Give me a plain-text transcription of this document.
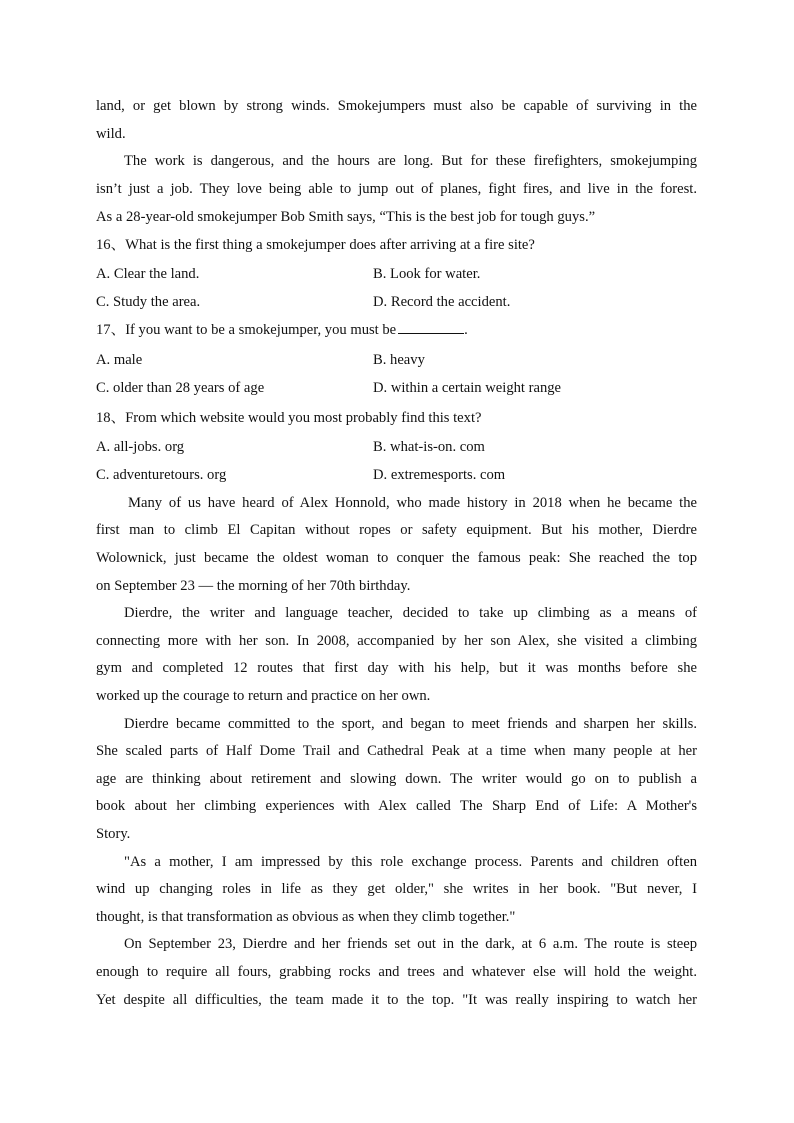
land, or get blown by strong winds. Smokejumpers must also be capable of surviving in the
wild.
The work is dangerous, and the hours are long. But for these firefighters, smokejumping
isn’t just a job. They love being able to jump out of planes, fight fires, and live in the forest.
As a 28-year-old smokejumper Bob Smith says, “This is the best job for tough guys.”
16、What is the first thing a smokejumper does after arriving at a fire site?
A. Clear the land.	B. Look for water.
C. Study the area.	D. Record the accident.
17、If you want to be a smokejumper, you must be	.
A. male	B. heavy
C. older than 28 years of age	D. within a certain weight range
18、From which website would you most probably find this text?
A. all-jobs. org	B. what-is-on. com
C. adventuretours. org	D. extremesports. com
Many of us have heard of Alex Honnold, who made history in 2018 when he became the
first man to climb El Capitan without ropes or safety equipment. But his mother, Dierdre
Wolownick, just became the oldest woman to conquer the famous peak: She reached the top
on September 23 — the morning of her 70th birthday.
Dierdre, the writer and language teacher, decided to take up climbing as a means of
connecting more with her son. In 2008, accompanied by her son Alex, she visited a climbing
gym and completed 12 routes that first day with his help, but it was months before she
worked up the courage to return and practice on her own.
Dierdre became committed to the sport, and began to meet friends and sharpen her skills.
She scaled parts of Half Dome Trail and Cathedral Peak at a time when many people at her
age are thinking about retirement and slowing down. The writer would go on to publish a
book about her climbing experiences with Alex called The Sharp End of Life: A Mother's
Story.
"As a mother, I am impressed by this role exchange process. Parents and children often
wind up changing roles in life as they get older," she writes in her book. "But never, I
thought, is that transformation as obvious as when they climb together."
On September 23, Dierdre and her friends set out in the dark, at 6 a.m. The route is steep
enough to require all fours, grabbing rocks and trees and whatever else will hold the weight.
Yet despite all difficulties, the team made it to the top. "It was really inspiring to watch her
